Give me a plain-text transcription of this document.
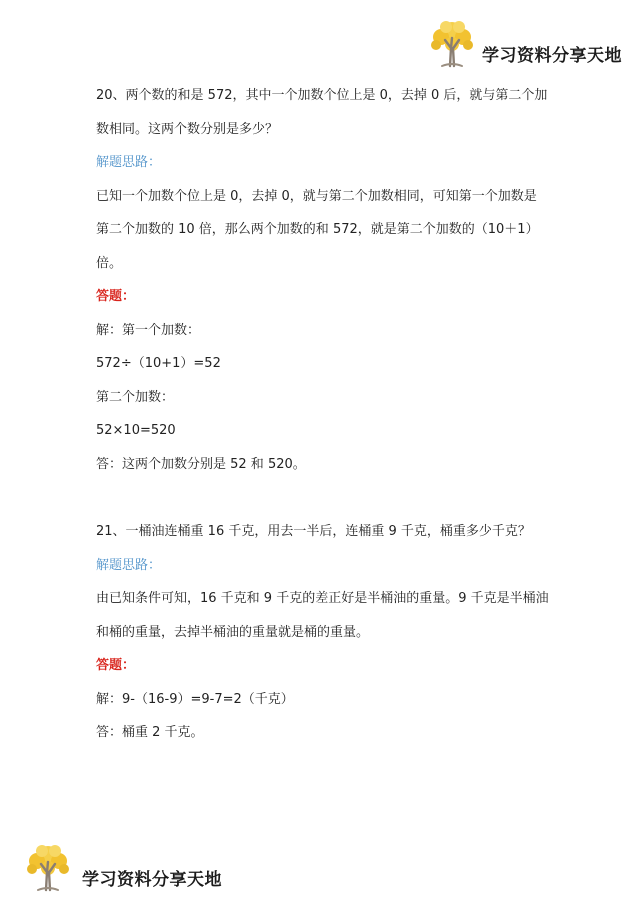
学习资料分享天地
20、两个数的和是 572，其中一个加数个位上是 0，去掉 0 后，就与第二个加
数相同。这两个数分别是多少？
解题思路：
已知一个加数个位上是 0，去掉 0，就与第二个加数相同，可知第一个加数是
第二个加数的 10 倍，那么两个加数的和 572，就是第二个加数的（10＋1）
倍。
答题：
解：第一个加数：
572÷（10+1）=52
第二个加数：
52×10=520
答：这两个加数分别是 52 和 520。
21、一桶油连桶重 16 千克，用去一半后，连桶重 9 千克，桶重多少千克？
解题思路：
由已知条件可知，16 千克和 9 千克的差正好是半桶油的重量。9 千克是半桶油
和桶的重量，去掉半桶油的重量就是桶的重量。
答题：
解：9-（16-9）=9-7=2（千克）
答：桶重 2 千克。
学习资料分享天地
